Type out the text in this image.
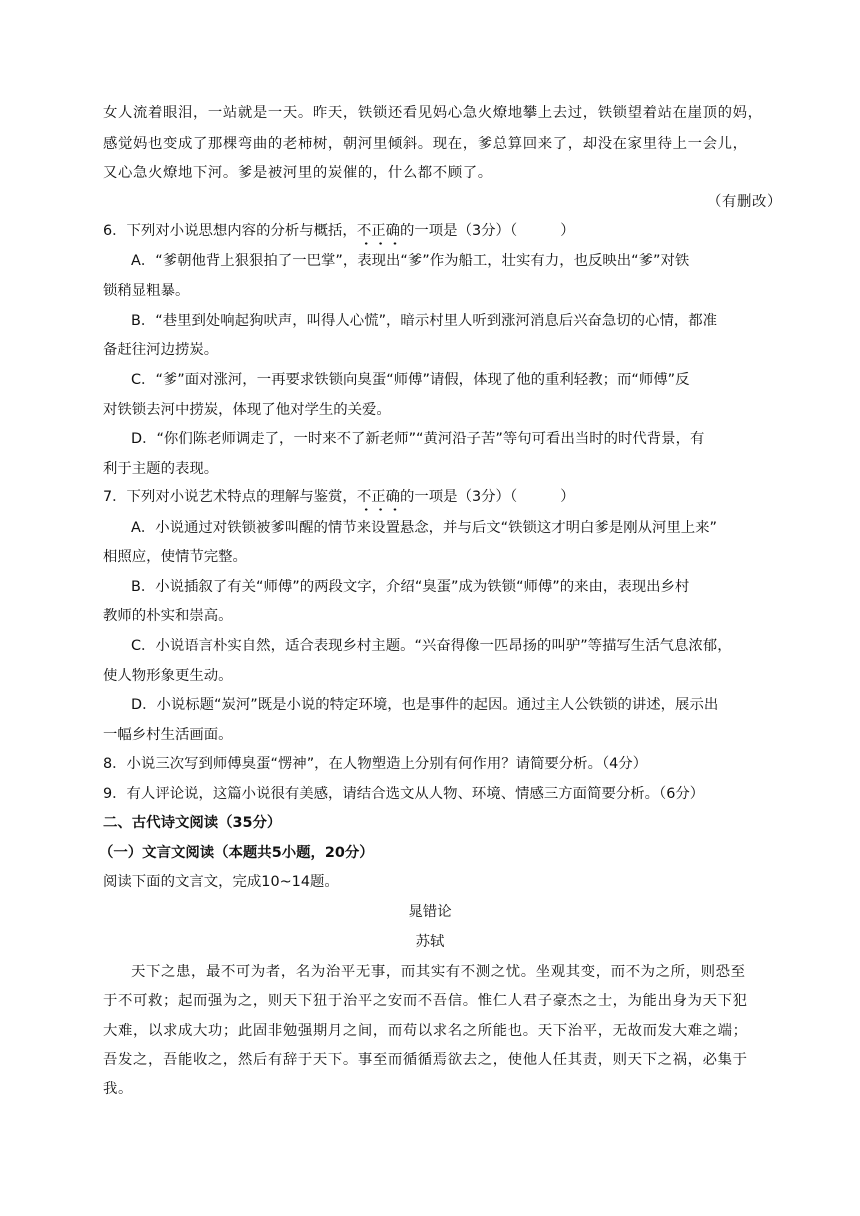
女人流着眼泪，一站就是一天。昨天，铁锁还看见妈心急火燎地攀上去过，铁锁望着站在崖顶的妈，
感觉妈也变成了那棵弯曲的老柿树，朝河里倾斜。现在，爹总算回来了，却没在家里待上一会儿，
又心急火燎地下河。爹是被河里的炭催的，什么都不顾了。
（有删改）
6．下列对小说思想内容的分析与概括，不正确的一项是（3分）（　　　）
A．“爹朝他背上狠狠拍了一巴掌”，表现出“爹”作为船工，壮实有力，也反映出“爹”对铁
锁稍显粗暴。
B．“巷里到处响起狗吠声，叫得人心慌”，暗示村里人听到涨河消息后兴奋急切的心情，都准
备赶往河边捞炭。
C．“爹”面对涨河，一再要求铁锁向臭蛋“师傅”请假，体现了他的重利轻教；而“师傅”反
对铁锁去河中捞炭，体现了他对学生的关爱。
D．“你们陈老师调走了，一时来不了新老师”“黄河沿子苦”等句可看出当时的时代背景，有
利于主题的表现。
7．下列对小说艺术特点的理解与鉴赏，不正确的一项是（3分）（　　　）
A．小说通过对铁锁被爹叫醒的情节来设置悬念，并与后文“铁锁这才明白爹是刚从河里上来”
相照应，使情节完整。
B．小说插叙了有关“师傅”的两段文字，介绍“臭蛋”成为铁锁“师傅”的来由，表现出乡村
教师的朴实和崇高。
C．小说语言朴实自然，适合表现乡村主题。“兴奋得像一匹昂扬的叫驴”等描写生活气息浓郁，
使人物形象更生动。
D．小说标题“炭河”既是小说的特定环境，也是事件的起因。通过主人公铁锁的讲述，展示出
一幅乡村生活画面。
8．小说三次写到师傅臭蛋“愣神”，在人物塑造上分别有何作用？请简要分析。（4分）
9．有人评论说，这篇小说很有美感，请结合选文从人物、环境、情感三方面简要分析。（6分）
二、古代诗文阅读（35分）
（一）文言文阅读（本题共5小题，20分）
阅读下面的文言文，完成10~14题。
晁错论
苏轼
天下之患，最不可为者，名为治平无事，而其实有不测之忧。坐观其变，而不为之所，则恐至
于不可救；起而强为之，则天下狃于治平之安而不吾信。惟仁人君子豪杰之士，为能出身为天下犯
大难，以求成大功；此固非勉强期月之间，而苟以求名之所能也。天下治平，无故而发大难之端；
吾发之，吾能收之，然后有辞于天下。事至而循循焉欲去之，使他人任其责，则天下之祸，必集于
我。
